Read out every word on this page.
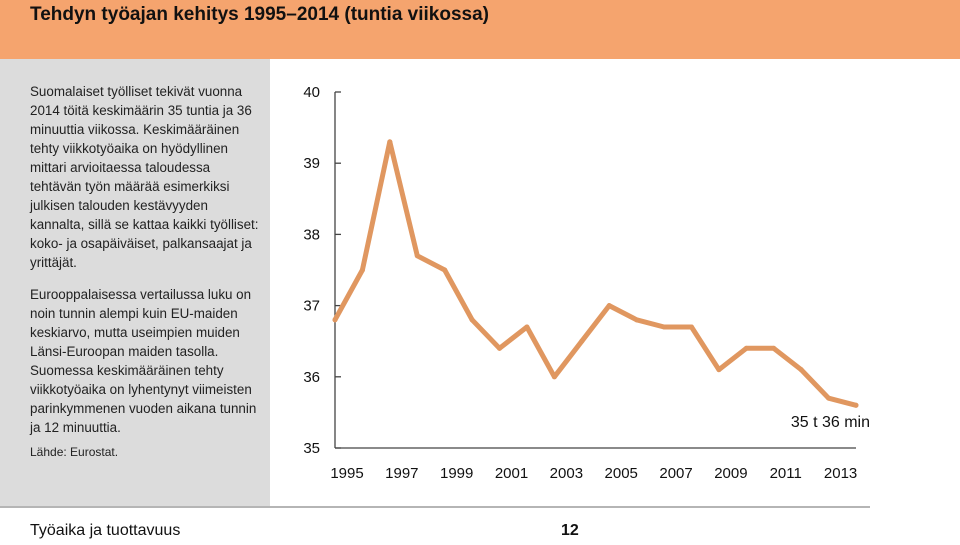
Tehdyn työajan kehitys 1995–2014 (tuntia viikossa)

Suomalaiset työlliset tekivät vuonna 2014 töitä keskimäärin 35 tuntia ja 36 minuuttia viikossa. Keskimääräinen tehty viikkotyöaika on hyödyllinen mittari arvioitaessa taloudessa tehtävän työn määrää esimerkiksi julkisen talouden kestävyyden kannalta, sillä se kattaa kaikki työlliset: koko- ja osapäiväiset, palkansaajat ja yrittäjät.

Eurooppalaisessa vertailussa luku on noin tunnin alempi kuin EU-maiden keskiarvo, mutta useimpien muiden Länsi-Euroopan maiden tasolla. Suomessa keskimääräinen tehty viikkotyöaika on lyhentynyt viimeisten parinkymmenen vuoden aikana tunnin ja 12 minuuttia.

Lähde: Eurostat.	35
36
37
38
39
40
1995 1997 1999 2001 2003 2005 2007 2009 2011 2013
35 t 36 min
Työaika ja tuottavuus	12
